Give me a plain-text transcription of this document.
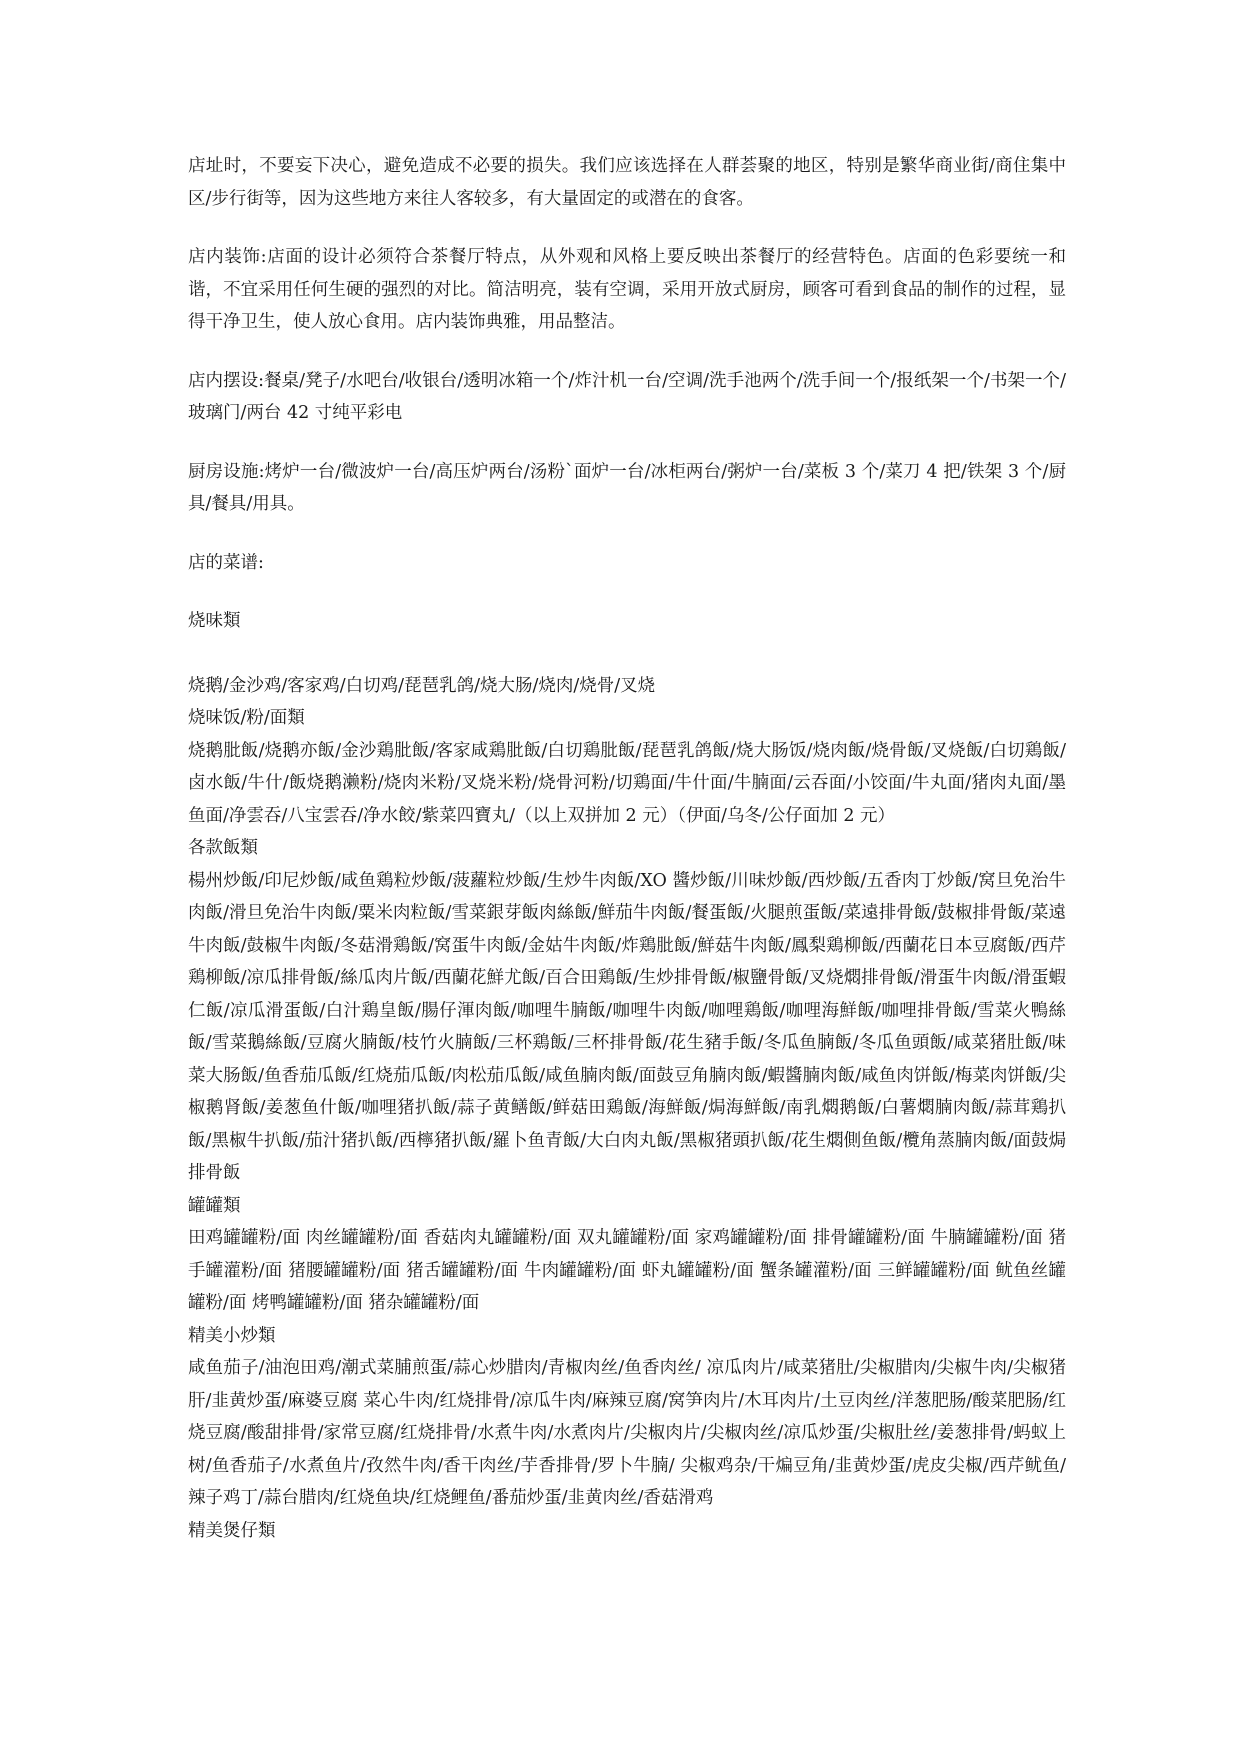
店址时，不要妄下决心，避免造成不必要的损失。我们应该选择在人群荟聚的地区，特别是繁华商业街/商住集中区/步行街等，因为这些地方来往人客较多，有大量固定的或潜在的食客。

店内装饰:店面的设计必须符合茶餐厅特点，从外观和风格上要反映出茶餐厅的经营特色。店面的色彩要统一和谐，不宜采用任何生硬的强烈的对比。简洁明亮，装有空调，采用开放式厨房，顾客可看到食品的制作的过程，显得干净卫生，使人放心食用。店内装饰典雅，用品整洁。

店内摆设:餐桌/凳子/水吧台/收银台/透明冰箱一个/炸汁机一台/空调/洗手池两个/洗手间一个/报纸架一个/书架一个/玻璃门/两台 42 寸纯平彩电

厨房设施:烤炉一台/微波炉一台/高压炉两台/汤粉`面炉一台/冰柜两台/粥炉一台/菜板 3 个/菜刀 4 把/铁架 3 个/厨具/餐具/用具。

店的菜谱:

烧味類

烧鹅/金沙鸡/客家鸡/白切鸡/琵琶乳鸽/烧大肠/烧肉/烧骨/叉烧

烧味饭/粉/面類

烧鹅肶飯/烧鹅亦飯/金沙鶏肶飯/客家咸鶏肶飯/白切鶏肶飯/琵琶乳鸽飯/烧大肠饭/烧肉飯/烧骨飯/叉烧飯/白切鶏飯/卤水飯/牛什/飯烧鹅濑粉/烧肉米粉/叉烧米粉/烧骨河粉/切鶏面/牛什面/牛腩面/云吞面/小饺面/牛丸面/猪肉丸面/墨鱼面/净雲吞/八宝雲吞/净水餃/紫菜四寶丸/（以上双拼加 2 元）（伊面/乌冬/公仔面加 2 元）

各款飯類

楊州炒飯/印尼炒飯/咸鱼鶏粒炒飯/菠蘿粒炒飯/生炒牛肉飯/XO 醬炒飯/川味炒飯/西炒飯/五香肉丁炒飯/窝旦免治牛肉飯/滑旦免治牛肉飯/粟米肉粒飯/雪菜銀芽飯肉絲飯/鮮茄牛肉飯/餐蛋飯/火腿煎蛋飯/菜遠排骨飯/鼓椒排骨飯/菜遠牛肉飯/鼓椒牛肉飯/冬菇滑鶏飯/窝蛋牛肉飯/金姑牛肉飯/炸鶏肶飯/鮮菇牛肉飯/鳳梨鶏柳飯/西蘭花日本豆腐飯/西芹鶏柳飯/凉瓜排骨飯/絲瓜肉片飯/西蘭花鮮尤飯/百合田鶏飯/生炒排骨飯/椒鹽骨飯/叉烧燜排骨飯/滑蛋牛肉飯/滑蛋蝦仁飯/凉瓜滑蛋飯/白汁鶏皇飯/腸仔渾肉飯/咖哩牛腩飯/咖哩牛肉飯/咖哩鶏飯/咖哩海鮮飯/咖哩排骨飯/雪菜火鴨絲飯/雪菜鵝絲飯/豆腐火腩飯/枝竹火腩飯/三杯鶏飯/三杯排骨飯/花生豬手飯/冬瓜鱼腩飯/冬瓜鱼頭飯/咸菜猪肚飯/味菜大肠飯/鱼香茄瓜飯/红烧茄瓜飯/肉松茄瓜飯/咸鱼腩肉飯/面鼓豆角腩肉飯/蝦醬腩肉飯/咸鱼肉饼飯/梅菜肉饼飯/尖椒鹅肾飯/姜葱鱼什飯/咖哩猪扒飯/蒜子黄鳝飯/鲜菇田鶏飯/海鮮飯/焗海鮮飯/南乳燜鹅飯/白薯燜腩肉飯/蒜茸鶏扒飯/黑椒牛扒飯/茄汁猪扒飯/西檸猪扒飯/羅卜鱼青飯/大白肉丸飯/黑椒猪頭扒飯/花生燜側鱼飯/欖角蒸腩肉飯/面鼓焗排骨飯

罐罐類

田鸡罐罐粉/面 肉丝罐罐粉/面 香菇肉丸罐罐粉/面 双丸罐罐粉/面 家鸡罐罐粉/面 排骨罐罐粉/面 牛腩罐罐粉/面 猪手罐灌粉/面 猪腰罐罐粉/面 猪舌罐罐粉/面 牛肉罐罐粉/面 虾丸罐罐粉/面 蟹条罐灌粉/面 三鲜罐罐粉/面 鱿鱼丝罐罐粉/面 烤鸭罐罐粉/面 猪杂罐罐粉/面

精美小炒類

咸鱼茄子/油泡田鸡/潮式菜脯煎蛋/蒜心炒腊肉/青椒肉丝/鱼香肉丝/ 凉瓜肉片/咸菜猪肚/尖椒腊肉/尖椒牛肉/尖椒猪肝/韭黄炒蛋/麻婆豆腐 菜心牛肉/红烧排骨/凉瓜牛肉/麻辣豆腐/窝笋肉片/木耳肉片/土豆肉丝/洋葱肥肠/酸菜肥肠/红烧豆腐/酸甜排骨/家常豆腐/红烧排骨/水煮牛肉/水煮肉片/尖椒肉片/尖椒肉丝/凉瓜炒蛋/尖椒肚丝/姜葱排骨/蚂蚁上树/鱼香茄子/水煮鱼片/孜然牛肉/香干肉丝/芋香排骨/罗卜牛腩/ 尖椒鸡杂/干煸豆角/韭黄炒蛋/虎皮尖椒/西芹鱿鱼/辣子鸡丁/蒜台腊肉/红烧鱼块/红烧鲤鱼/番茄炒蛋/韭黄肉丝/香菇滑鸡

精美煲仔類
